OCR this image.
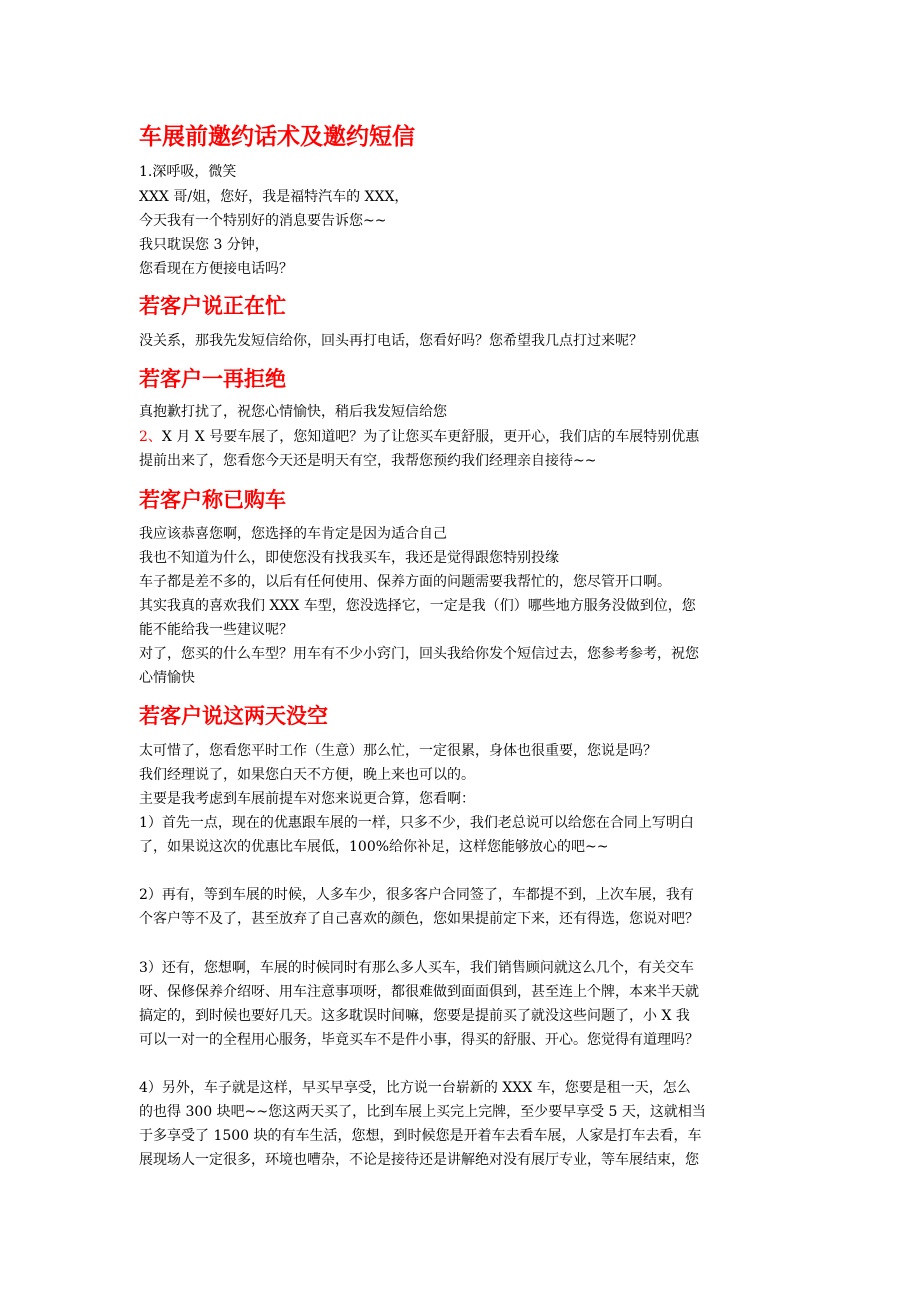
车展前邀约话术及邀约短信

1.深呼吸，微笑

XXX 哥/姐，您好，我是福特汽车的 XXX，

今天我有一个特别好的消息要告诉您~~

我只耽误您 3 分钟，

您看现在方便接电话吗？

若客户说正在忙

没关系，那我先发短信给你，回头再打电话，您看好吗？您希望我几点打过来呢？

若客户一再拒绝

真抱歉打扰了，祝您心情愉快，稍后我发短信给您

2、X 月 X 号要车展了，您知道吧？为了让您买车更舒服，更开心，我们店的车展特别优惠

提前出来了，您看您今天还是明天有空，我帮您预约我们经理亲自接待~~

若客户称已购车

我应该恭喜您啊，您选择的车肯定是因为适合自己

我也不知道为什么，即使您没有找我买车，我还是觉得跟您特别投缘

车子都是差不多的，以后有任何使用、保养方面的问题需要我帮忙的，您尽管开口啊。

其实我真的喜欢我们 XXX 车型，您没选择它，一定是我（们）哪些地方服务没做到位，您

能不能给我一些建议呢？

对了，您买的什么车型？用车有不少小窍门，回头我给你发个短信过去，您参考参考，祝您

心情愉快

若客户说这两天没空

太可惜了，您看您平时工作（生意）那么忙，一定很累，身体也很重要，您说是吗？

我们经理说了，如果您白天不方便，晚上来也可以的。

主要是我考虑到车展前提车对您来说更合算，您看啊：

1）首先一点，现在的优惠跟车展的一样，只多不少，我们老总说可以给您在合同上写明白

了，如果说这次的优惠比车展低，100%给你补足，这样您能够放心的吧~~

2）再有，等到车展的时候，人多车少，很多客户合同签了，车都提不到，上次车展，我有

个客户等不及了，甚至放弃了自己喜欢的颜色，您如果提前定下来，还有得选，您说对吧？

3）还有，您想啊，车展的时候同时有那么多人买车，我们销售顾问就这么几个，有关交车

呀、保修保养介绍呀、用车注意事项呀，都很难做到面面俱到，甚至连上个牌，本来半天就

搞定的，到时候也要好几天。这多耽误时间嘛，您要是提前买了就没这些问题了，小 X 我

可以一对一的全程用心服务，毕竟买车不是件小事，得买的舒服、开心。您觉得有道理吗？

4）另外，车子就是这样，早买早享受，比方说一台崭新的 XXX 车，您要是租一天，怎么

的也得 300 块吧~~您这两天买了，比到车展上买完上完牌，至少要早享受 5 天，这就相当

于多享受了 1500 块的有车生活，您想，到时候您是开着车去看车展，人家是打车去看，车

展现场人一定很多，环境也嘈杂，不论是接待还是讲解绝对没有展厅专业，等车展结束，您
